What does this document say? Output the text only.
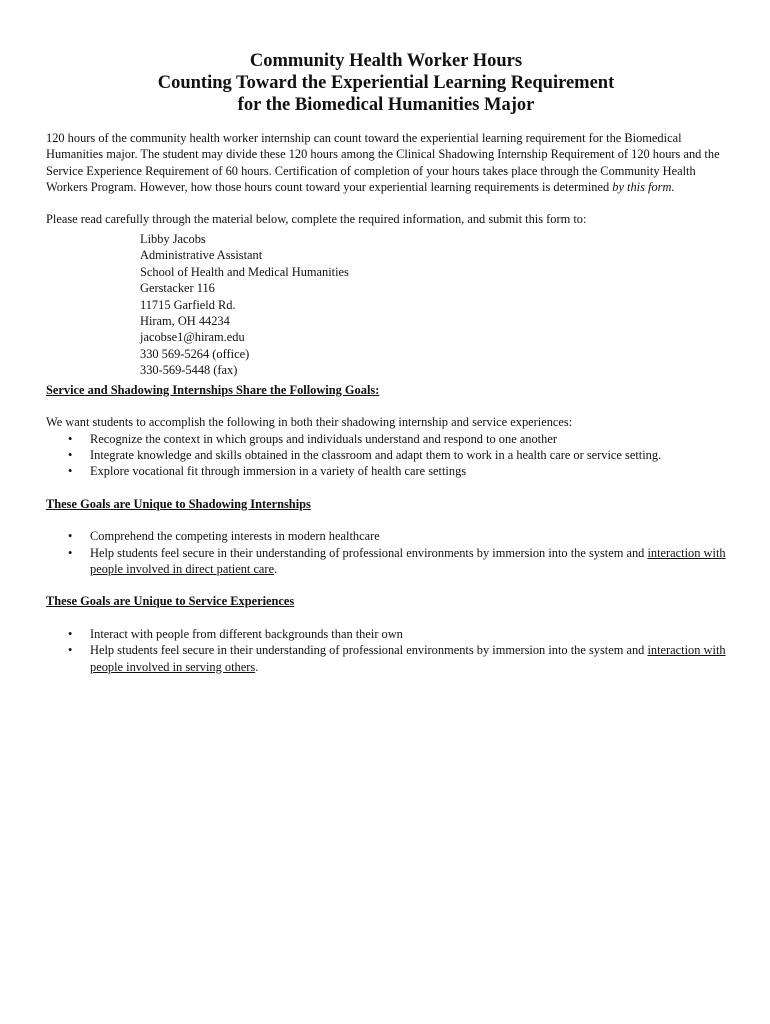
Community Health Worker Hours
Counting Toward the Experiential Learning Requirement
for the Biomedical Humanities Major

120 hours of the community health worker internship can count toward the experiential learning requirement for the Biomedical Humanities major. The student may divide these 120 hours among the Clinical Shadowing Internship Requirement of 120 hours and the Service Experience Requirement of 60 hours. Certification of completion of your hours takes place through the Community Health Workers Program. However, how those hours count toward your experiential learning requirements is determined by this form.

Please read carefully through the material below, complete the required information, and submit this form to:

Libby Jacobs
Administrative Assistant
School of Health and Medical Humanities
Gerstacker 116
11715 Garfield Rd.
Hiram, OH 44234
jacobse1@hiram.edu
330 569-5264 (office)
330-569-5448 (fax)

Service and Shadowing Internships Share the Following Goals:

We want students to accomplish the following in both their shadowing internship and service experiences:

• Recognize the context in which groups and individuals understand and respond to one another
• Integrate knowledge and skills obtained in the classroom and adapt them to work in a health care or service setting.
• Explore vocational fit through immersion in a variety of health care settings

These Goals are Unique to Shadowing Internships

• Comprehend the competing interests in modern healthcare
• Help students feel secure in their understanding of professional environments by immersion into the system and interaction with people involved in direct patient care.

These Goals are Unique to Service Experiences

• Interact with people from different backgrounds than their own
• Help students feel secure in their understanding of professional environments by immersion into the system and interaction with people involved in serving others.
